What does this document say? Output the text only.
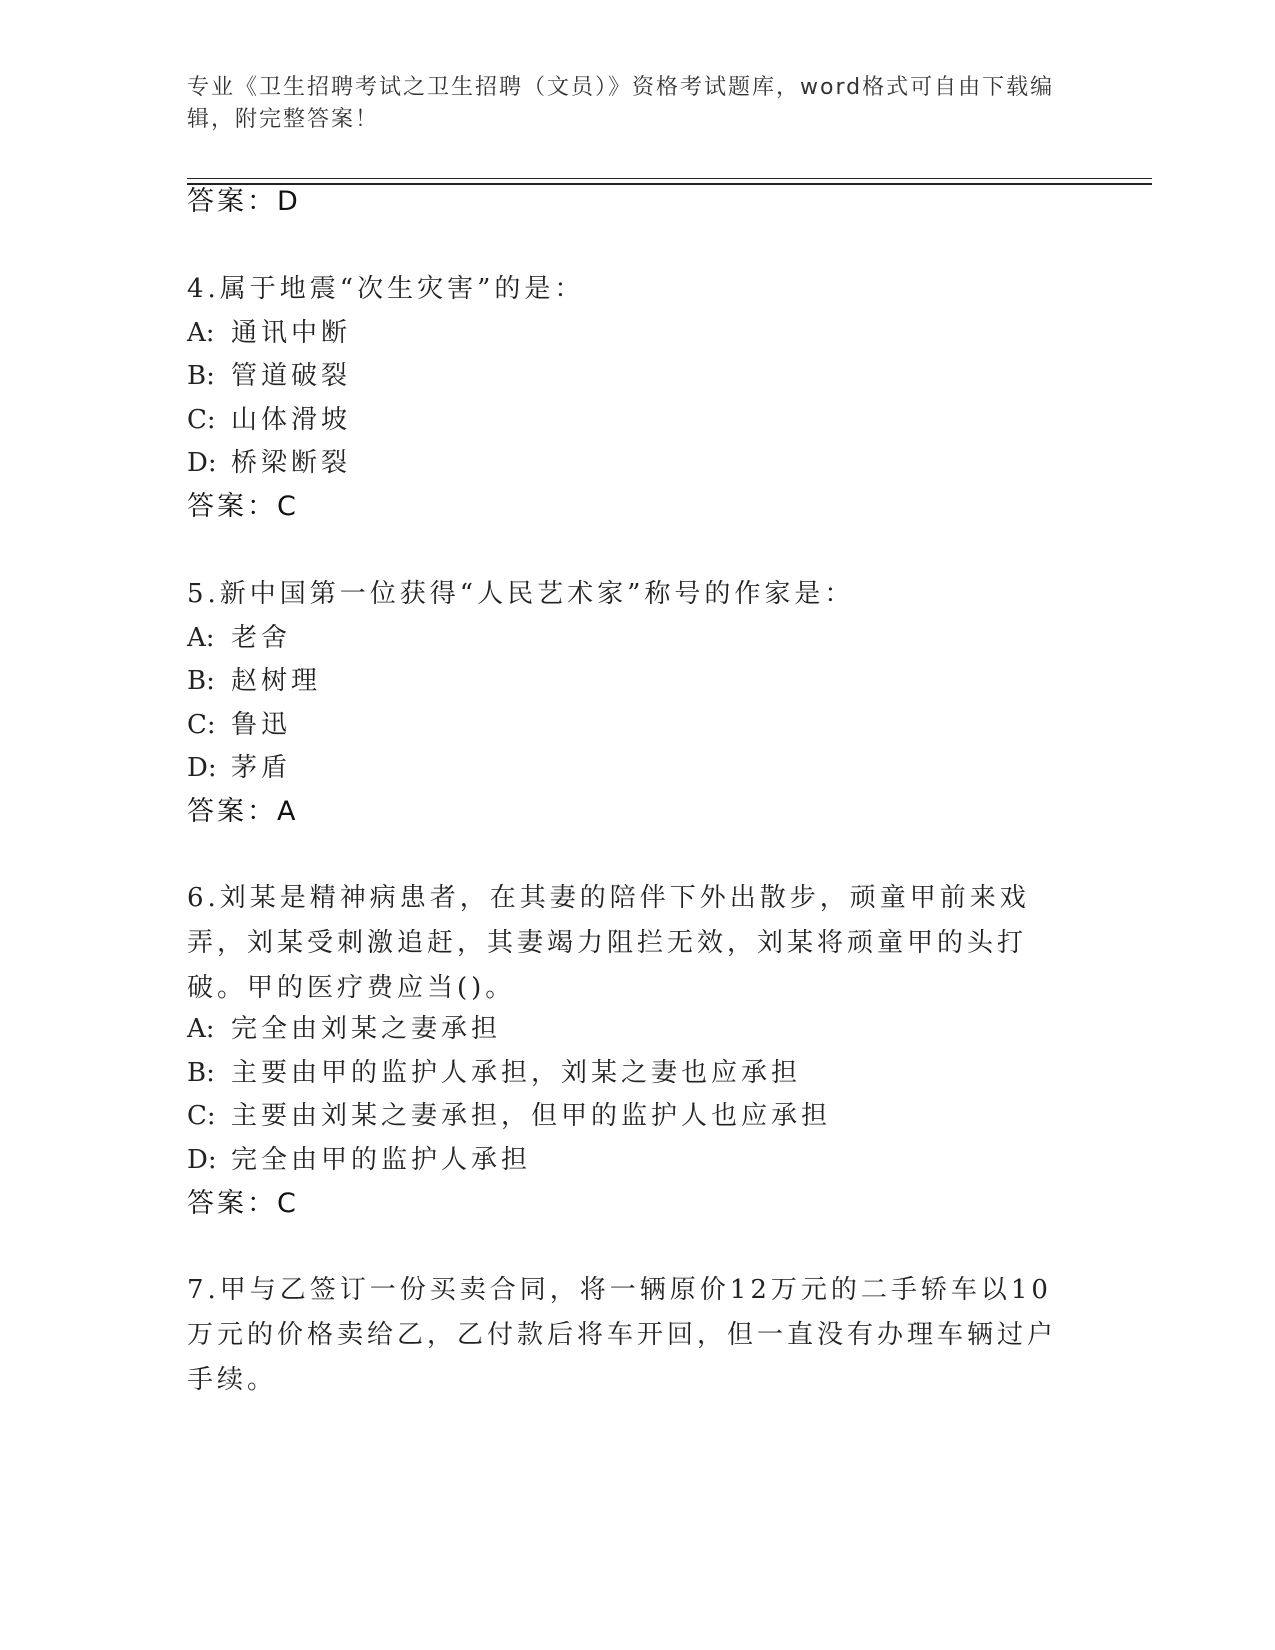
专业《卫生招聘考试之卫生招聘（文员）》资格考试题库，word格式可自由下载编辑，附完整答案！
答案：D
4.属于地震“次生灾害”的是：
A: 通讯中断
B: 管道破裂
C: 山体滑坡
D: 桥梁断裂
答案：C
5.新中国第一位获得“人民艺术家”称号的作家是：
A: 老舍
B: 赵树理
C: 鲁迅
D: 茅盾
答案：A
6.刘某是精神病患者，在其妻的陪伴下外出散步，顽童甲前来戏弄，刘某受刺激追赶，其妻竭力阻拦无效，刘某将顽童甲的头打破。甲的医疗费应当()。
A: 完全由刘某之妻承担
B: 主要由甲的监护人承担，刘某之妻也应承担
C: 主要由刘某之妻承担，但甲的监护人也应承担
D: 完全由甲的监护人承担
答案：C
7.甲与乙签订一份买卖合同，将一辆原价12万元的二手轿车以10万元的价格卖给乙，乙付款后将车开回，但一直没有办理车辆过户手续。
